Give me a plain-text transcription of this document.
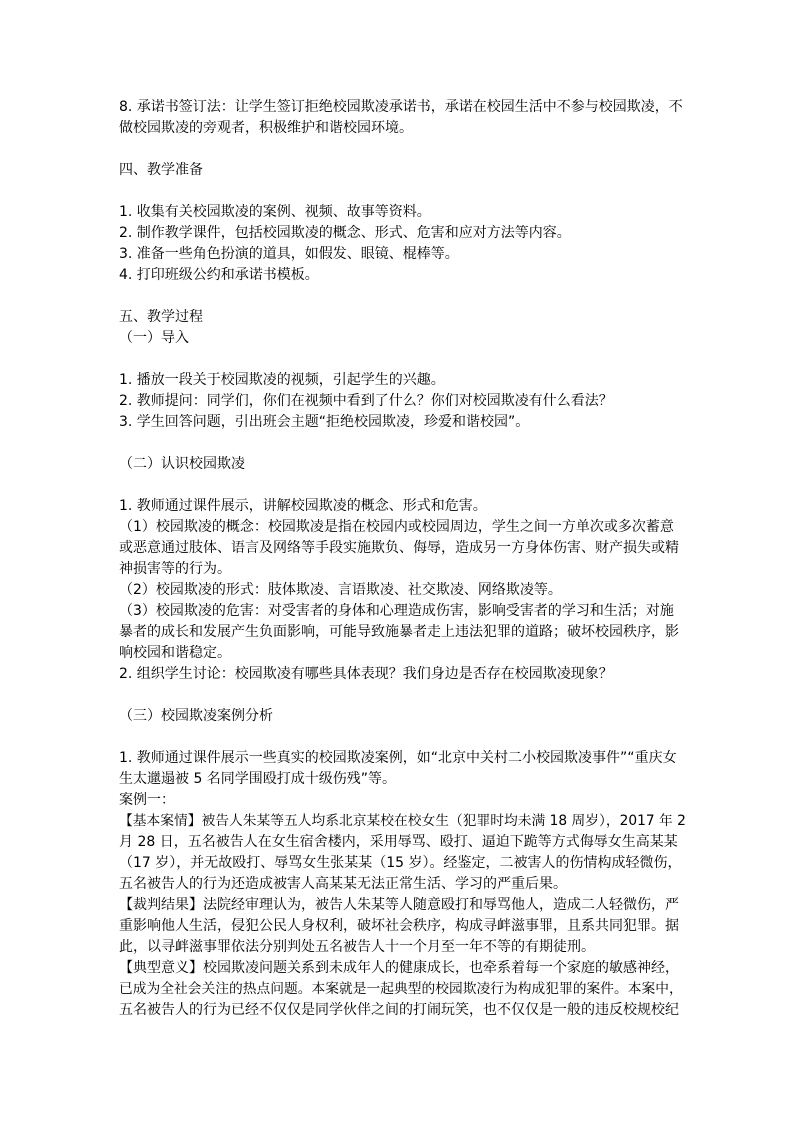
8. 承诺书签订法：让学生签订拒绝校园欺凌承诺书，承诺在校园生活中不参与校园欺凌，不
做校园欺凌的旁观者，积极维护和谐校园环境。
四、教学准备
1. 收集有关校园欺凌的案例、视频、故事等资料。
2. 制作教学课件，包括校园欺凌的概念、形式、危害和应对方法等内容。
3. 准备一些角色扮演的道具，如假发、眼镜、棍棒等。
4. 打印班级公约和承诺书模板。
五、教学过程
（一）导入
1. 播放一段关于校园欺凌的视频，引起学生的兴趣。
2. 教师提问：同学们，你们在视频中看到了什么？你们对校园欺凌有什么看法？
3. 学生回答问题，引出班会主题“拒绝校园欺凌，珍爱和谐校园”。
（二）认识校园欺凌
1. 教师通过课件展示，讲解校园欺凌的概念、形式和危害。
（1）校园欺凌的概念：校园欺凌是指在校园内或校园周边，学生之间一方单次或多次蓄意
或恶意通过肢体、语言及网络等手段实施欺负、侮辱，造成另一方身体伤害、财产损失或精
神损害等的行为。
（2）校园欺凌的形式：肢体欺凌、言语欺凌、社交欺凌、网络欺凌等。
（3）校园欺凌的危害：对受害者的身体和心理造成伤害，影响受害者的学习和生活；对施
暴者的成长和发展产生负面影响，可能导致施暴者走上违法犯罪的道路；破坏校园秩序，影
响校园和谐稳定。
2. 组织学生讨论：校园欺凌有哪些具体表现？我们身边是否存在校园欺凌现象？
（三）校园欺凌案例分析
1. 教师通过课件展示一些真实的校园欺凌案例，如“北京中关村二小校园欺凌事件”“重庆女
生太邋遢被 5 名同学围殴打成十级伤残”等。
案例一：
【基本案情】被告人朱某等五人均系北京某校在校女生（犯罪时均未满 18 周岁），2017 年 2
月 28 日，五名被告人在女生宿舍楼内，采用辱骂、殴打、逼迫下跪等方式侮辱女生高某某
（17 岁），并无故殴打、辱骂女生张某某（15 岁）。经鉴定，二被害人的伤情构成轻微伤，
五名被告人的行为还造成被害人高某某无法正常生活、学习的严重后果。
【裁判结果】法院经审理认为，被告人朱某等人随意殴打和辱骂他人，造成二人轻微伤，严
重影响他人生活，侵犯公民人身权利，破坏社会秩序，构成寻衅滋事罪，且系共同犯罪。据
此，以寻衅滋事罪依法分别判处五名被告人十一个月至一年不等的有期徒刑。
【典型意义】校园欺凌问题关系到未成年人的健康成长，也牵系着每一个家庭的敏感神经，
已成为全社会关注的热点问题。本案就是一起典型的校园欺凌行为构成犯罪的案件。本案中，
五名被告人的行为已经不仅仅是同学伙伴之间的打闹玩笑，也不仅仅是一般的违反校规校纪
